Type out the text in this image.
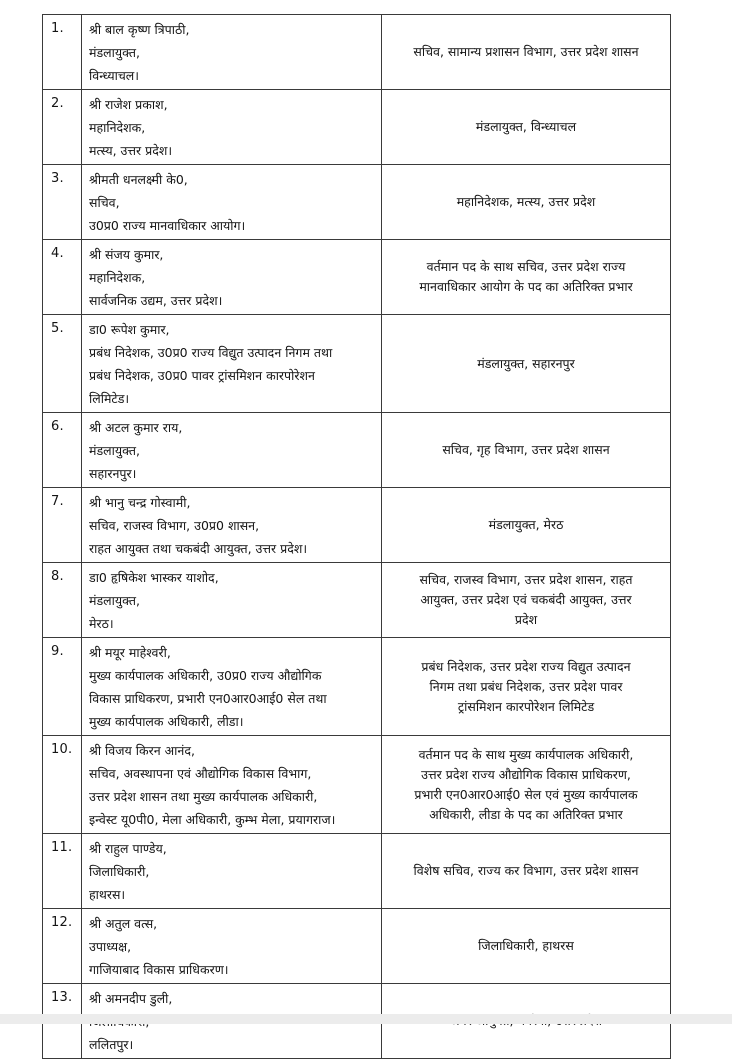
1.	श्री बाल कृष्ण त्रिपाठी,
मंडलायुक्त,
विन्ध्याचल।	सचिव, सामान्य प्रशासन विभाग, उत्तर प्रदेश शासन

2.	श्री राजेश प्रकाश,
महानिदेशक,
मत्स्य, उत्तर प्रदेश।	मंडलायुक्त, विन्ध्याचल

3.	श्रीमती धनलक्ष्मी के0,
सचिव,
उ0प्र0 राज्य मानवाधिकार आयोग।	महानिदेशक, मत्स्य, उत्तर प्रदेश

4.	श्री संजय कुमार,
महानिदेशक,
सार्वजनिक उद्यम, उत्तर प्रदेश।	वर्तमान पद के साथ सचिव, उत्तर प्रदेश राज्य
मानवाधिकार आयोग के पद का अतिरिक्त प्रभार

5.	डा0 रूपेश कुमार,
प्रबंध निदेशक, उ0प्र0 राज्य विद्युत उत्पादन निगम तथा
प्रबंध निदेशक, उ0प्र0 पावर ट्रांसमिशन कारपोरेशन
लिमिटेड।	मंडलायुक्त, सहारनपुर

6.	श्री अटल कुमार राय,
मंडलायुक्त,
सहारनपुर।	सचिव, गृह विभाग, उत्तर प्रदेश शासन

7.	श्री भानु चन्द्र गोस्वामी,
सचिव, राजस्व विभाग, उ0प्र0 शासन,
राहत आयुक्त तथा चकबंदी आयुक्त, उत्तर प्रदेश।	मंडलायुक्त, मेरठ

8.	डा0 हृषिकेश भास्कर याशोद,
मंडलायुक्त,
मेरठ।	सचिव, राजस्व विभाग, उत्तर प्रदेश शासन, राहत
आयुक्त, उत्तर प्रदेश एवं चकबंदी आयुक्त, उत्तर
प्रदेश

9.	श्री मयूर माहेश्वरी,
मुख्य कार्यपालक अधिकारी, उ0प्र0 राज्य औद्योगिक
विकास प्राधिकरण, प्रभारी एन0आर0आई0 सेल तथा
मुख्य कार्यपालक अधिकारी, लीडा।	प्रबंध निदेशक, उत्तर प्रदेश राज्य विद्युत उत्पादन
निगम तथा प्रबंध निदेशक, उत्तर प्रदेश पावर
ट्रांसमिशन कारपोरेशन लिमिटेड

10.	श्री विजय किरन आनंद,
सचिव, अवस्थापना एवं औद्योगिक विकास विभाग,
उत्तर प्रदेश शासन तथा मुख्य कार्यपालक अधिकारी,
इन्वेस्ट यू0पी0, मेला अधिकारी, कुम्भ मेला, प्रयागराज।	वर्तमान पद के साथ मुख्य कार्यपालक अधिकारी,
उत्तर प्रदेश राज्य औद्योगिक विकास प्राधिकरण,
प्रभारी एन0आर0आई0 सेल एवं मुख्य कार्यपालक
अधिकारी, लीडा के पद का अतिरिक्त प्रभार

11.	श्री राहुल पाण्डेय,
जिलाधिकारी,
हाथरस।	विशेष सचिव, राज्य कर विभाग, उत्तर प्रदेश शासन

12.	श्री अतुल वत्स,
उपाध्यक्ष,
गाजियाबाद विकास प्राधिकरण।	जिलाधिकारी, हाथरस

13.	श्री अमनदीप डुली,
ललितपुर।
